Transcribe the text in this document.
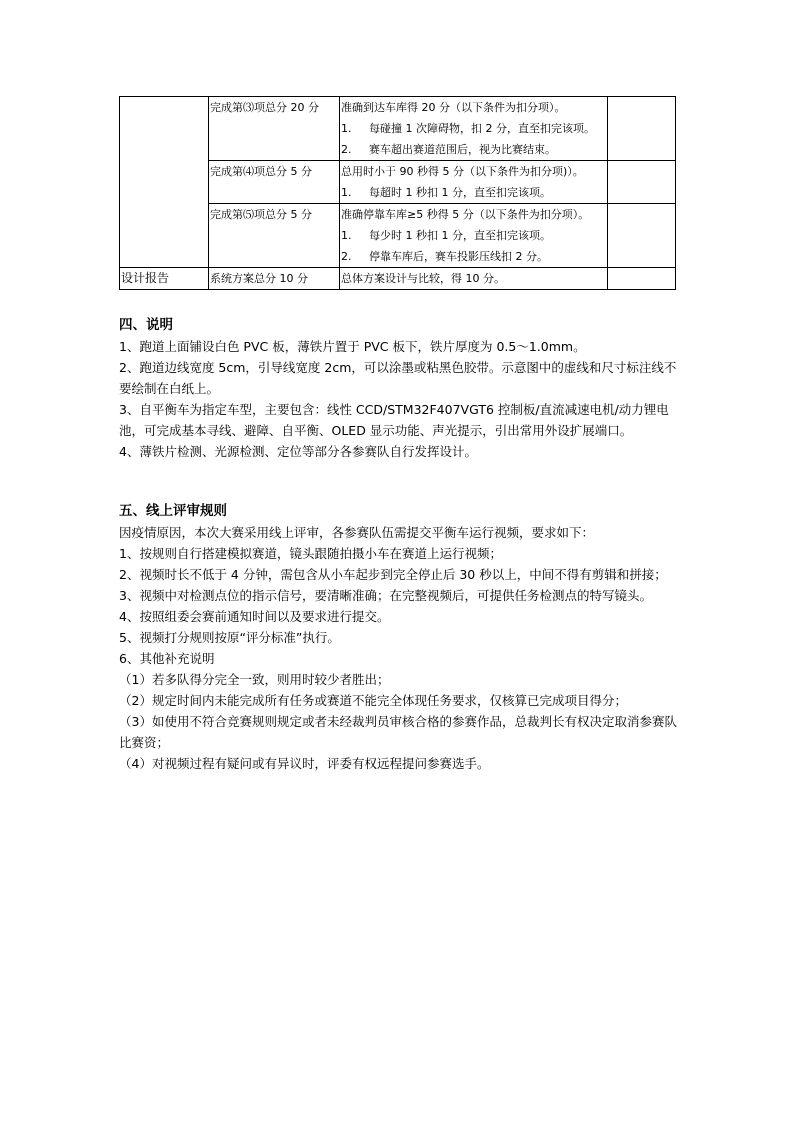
	完成第⑶项总分 20 分	准确到达车库得 20 分（以下条件为扣分项）。
1. 每碰撞 1 次障碍物，扣 2 分，直至扣完该项。
2. 赛车超出赛道范围后，视为比赛结束。	

	完成第⑷项总分 5 分	总用时小于 90 秒得 5 分（以下条件为扣分项)）。
1. 每超时 1 秒扣 1 分，直至扣完该项。	

	完成第⑸项总分 5 分	准确停靠车库≥5 秒得 5 分（以下条件为扣分项）。
1. 每少时 1 秒扣 1 分，直至扣完该项。
2. 停靠车库后，赛车投影压线扣 2 分。	

设计报告	系统方案总分 10 分	总体方案设计与比较，得 10 分。	

四、说明

1、跑道上面铺设白色 PVC 板，薄铁片置于 PVC 板下，铁片厚度为 0.5～1.0mm。

2、跑道边线宽度 5cm，引导线宽度 2cm，可以涂墨或粘黑色胶带。示意图中的虚线和尺寸标注线不要绘制在白纸上。

3、自平衡车为指定车型，主要包含：线性 CCD/STM32F407VGT6 控制板/直流减速电机/动力锂电池，可完成基本寻线、避障、自平衡、OLED 显示功能、声光提示，引出常用外设扩展端口。

4、薄铁片检测、光源检测、定位等部分各参赛队自行发挥设计。

五、线上评审规则

因疫情原因，本次大赛采用线上评审，各参赛队伍需提交平衡车运行视频，要求如下：

1、按规则自行搭建模拟赛道，镜头跟随拍摄小车在赛道上运行视频；

2、视频时长不低于 4 分钟，需包含从小车起步到完全停止后 30 秒以上，中间不得有剪辑和拼接；

3、视频中对检测点位的指示信号，要清晰准确；在完整视频后，可提供任务检测点的特写镜头。

4、按照组委会赛前通知时间以及要求进行提交。

5、视频打分规则按原“评分标准”执行。

6、其他补充说明

（1）若多队得分完全一致，则用时较少者胜出；

（2）规定时间内未能完成所有任务或赛道不能完全体现任务要求，仅核算已完成项目得分；

（3）如使用不符合竞赛规则规定或者未经裁判员审核合格的参赛作品，总裁判长有权决定取消参赛队比赛资；

（4）对视频过程有疑问或有异议时，评委有权远程提问参赛选手。
